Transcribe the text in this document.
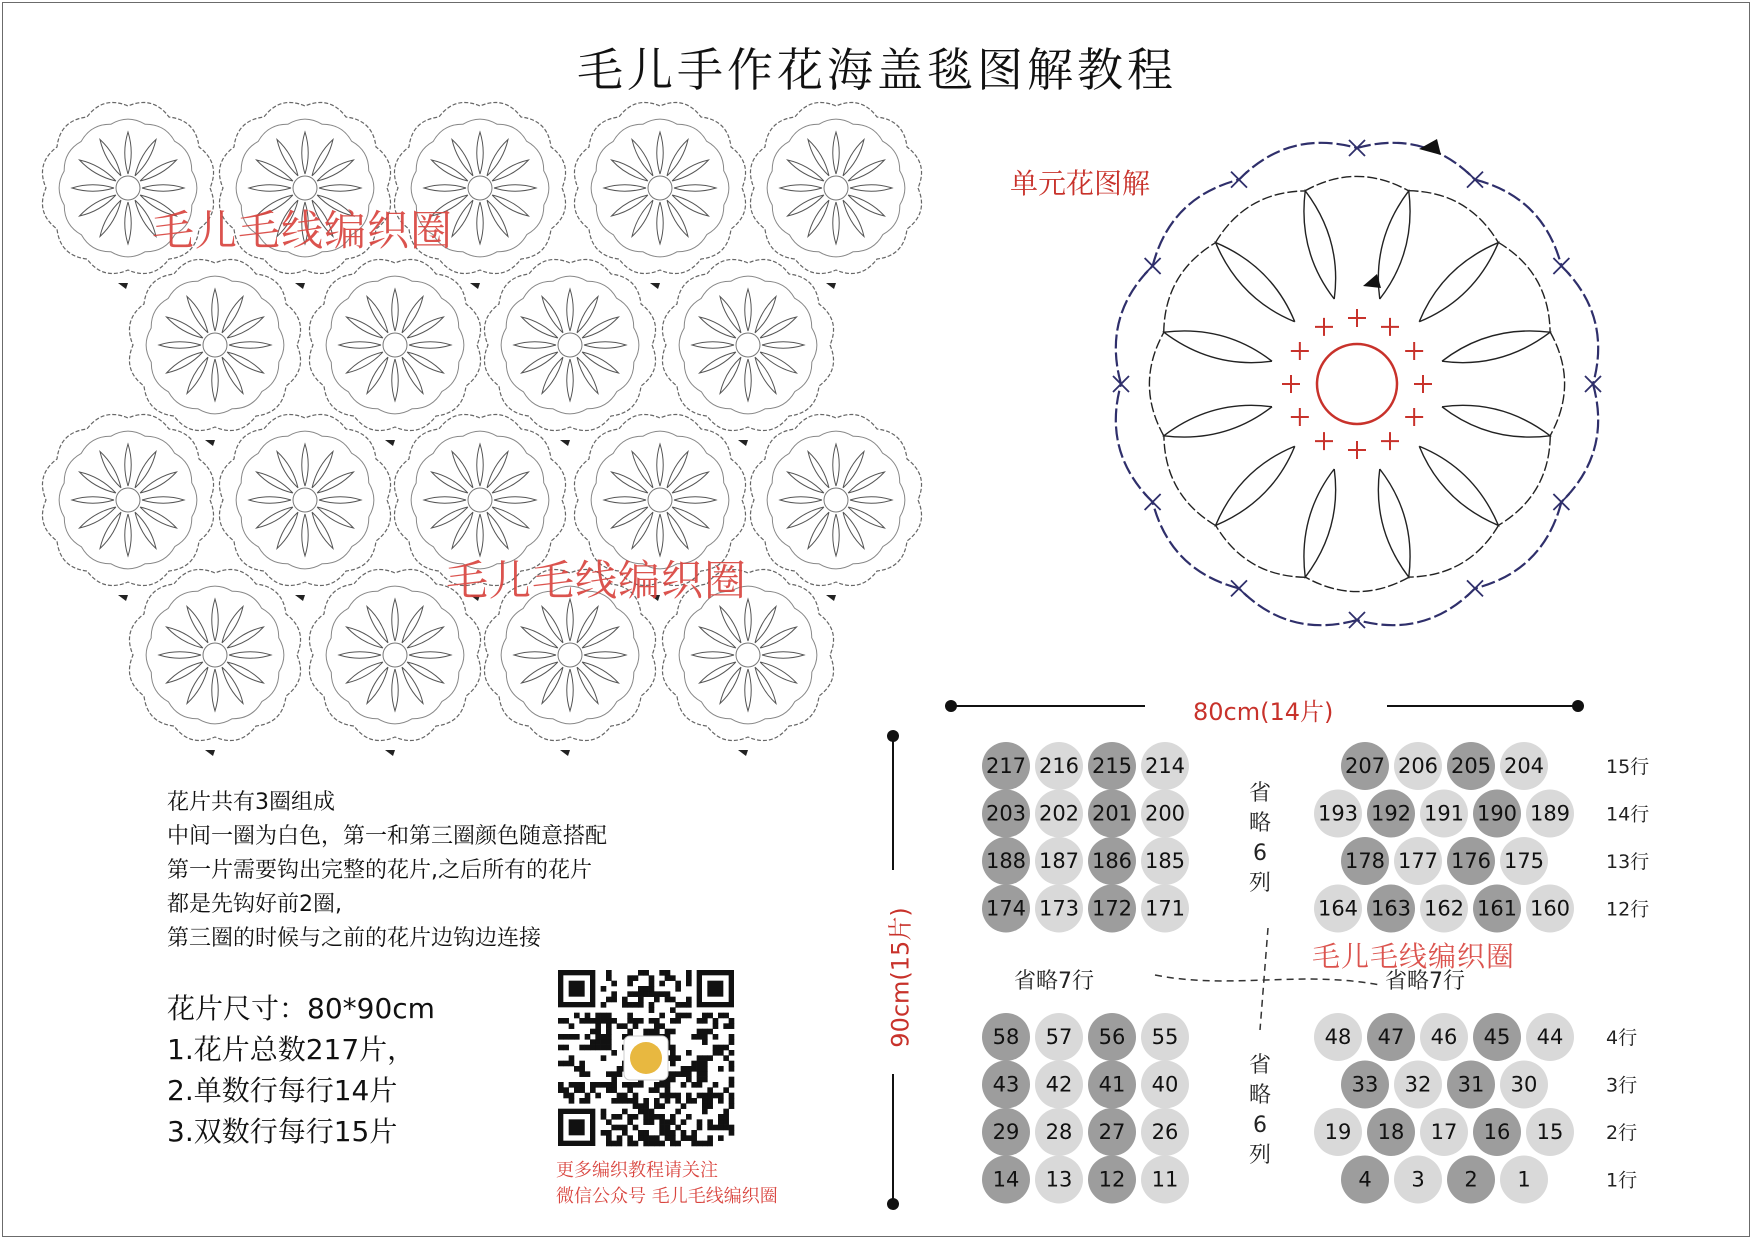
毛儿手作花海盖毯图解教程
毛儿毛线编织圈
毛儿毛线编织圈
单元花图解
80cm(14片)
90cm(15片)
217 216 215 214
203 202 201 200
188 187 186 185
174 173 172 171
207 206 205 204	15行
193 192 191 190 189 14行
178 177 176 175	13行
164 163 162 161 160 12行
58 57 56 55
43 42 41 40
29 28 27 26
14 13 12 11
48 47 46 45 44 4行
33 32 31 30	3行
19 18 17 16 15 2行
4 3 2 1	1行
省略7行	省略7行
省
省
略
略
6
6
列
列
毛儿毛线编织圈
花片共有3圈组成
中间一圈为白色，第一和第三圈颜色随意搭配
第一片需要钩出完整的花片,之后所有的花片
都是先钩好前2圈,
第三圈的时候与之前的花片边钩边连接
花片尺寸：80*90cm
1.花片总数217片，
2.单数行每行14片
3.双数行每行15片
更多编织教程请关注
微信公众号 毛儿毛线编织圈
